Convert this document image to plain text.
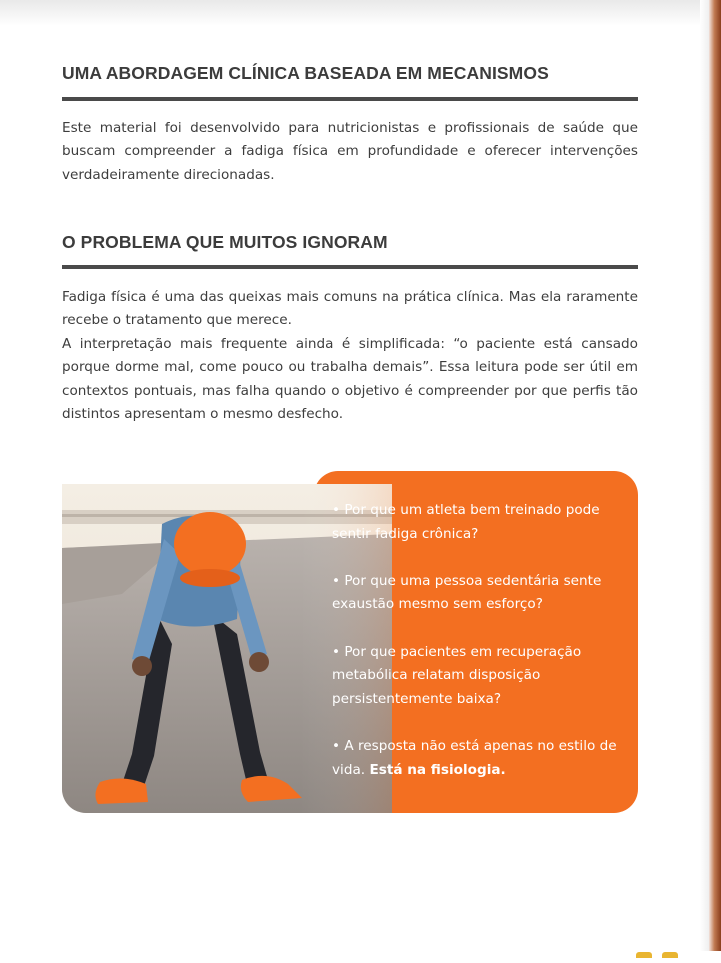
UMA ABORDAGEM CLÍNICA BASEADA EM MECANISMOS

Este material foi desenvolvido para nutricionistas e profissionais de saúde que buscam compreender a fadiga física em profundidade e oferecer intervenções verdadeiramente direcionadas.

O PROBLEMA QUE MUITOS IGNORAM

Fadiga física é uma das queixas mais comuns na prática clínica. Mas ela raramente recebe o tratamento que merece.

A interpretação mais frequente ainda é simplificada: “o paciente está cansado porque dorme mal, come pouco ou trabalha demais”. Essa leitura pode ser útil em contextos pontuais, mas falha quando o objetivo é compreender por que perfis tão distintos apresentam o mesmo desfecho.

• Por que um atleta bem treinado pode sentir fadiga crônica?
• Por que uma pessoa sedentária sente exaustão mesmo sem esforço?
• Por que pacientes em recuperação metabólica relatam disposição persistentemente baixa?
• A resposta não está apenas no estilo de vida. Está na fisiologia.
